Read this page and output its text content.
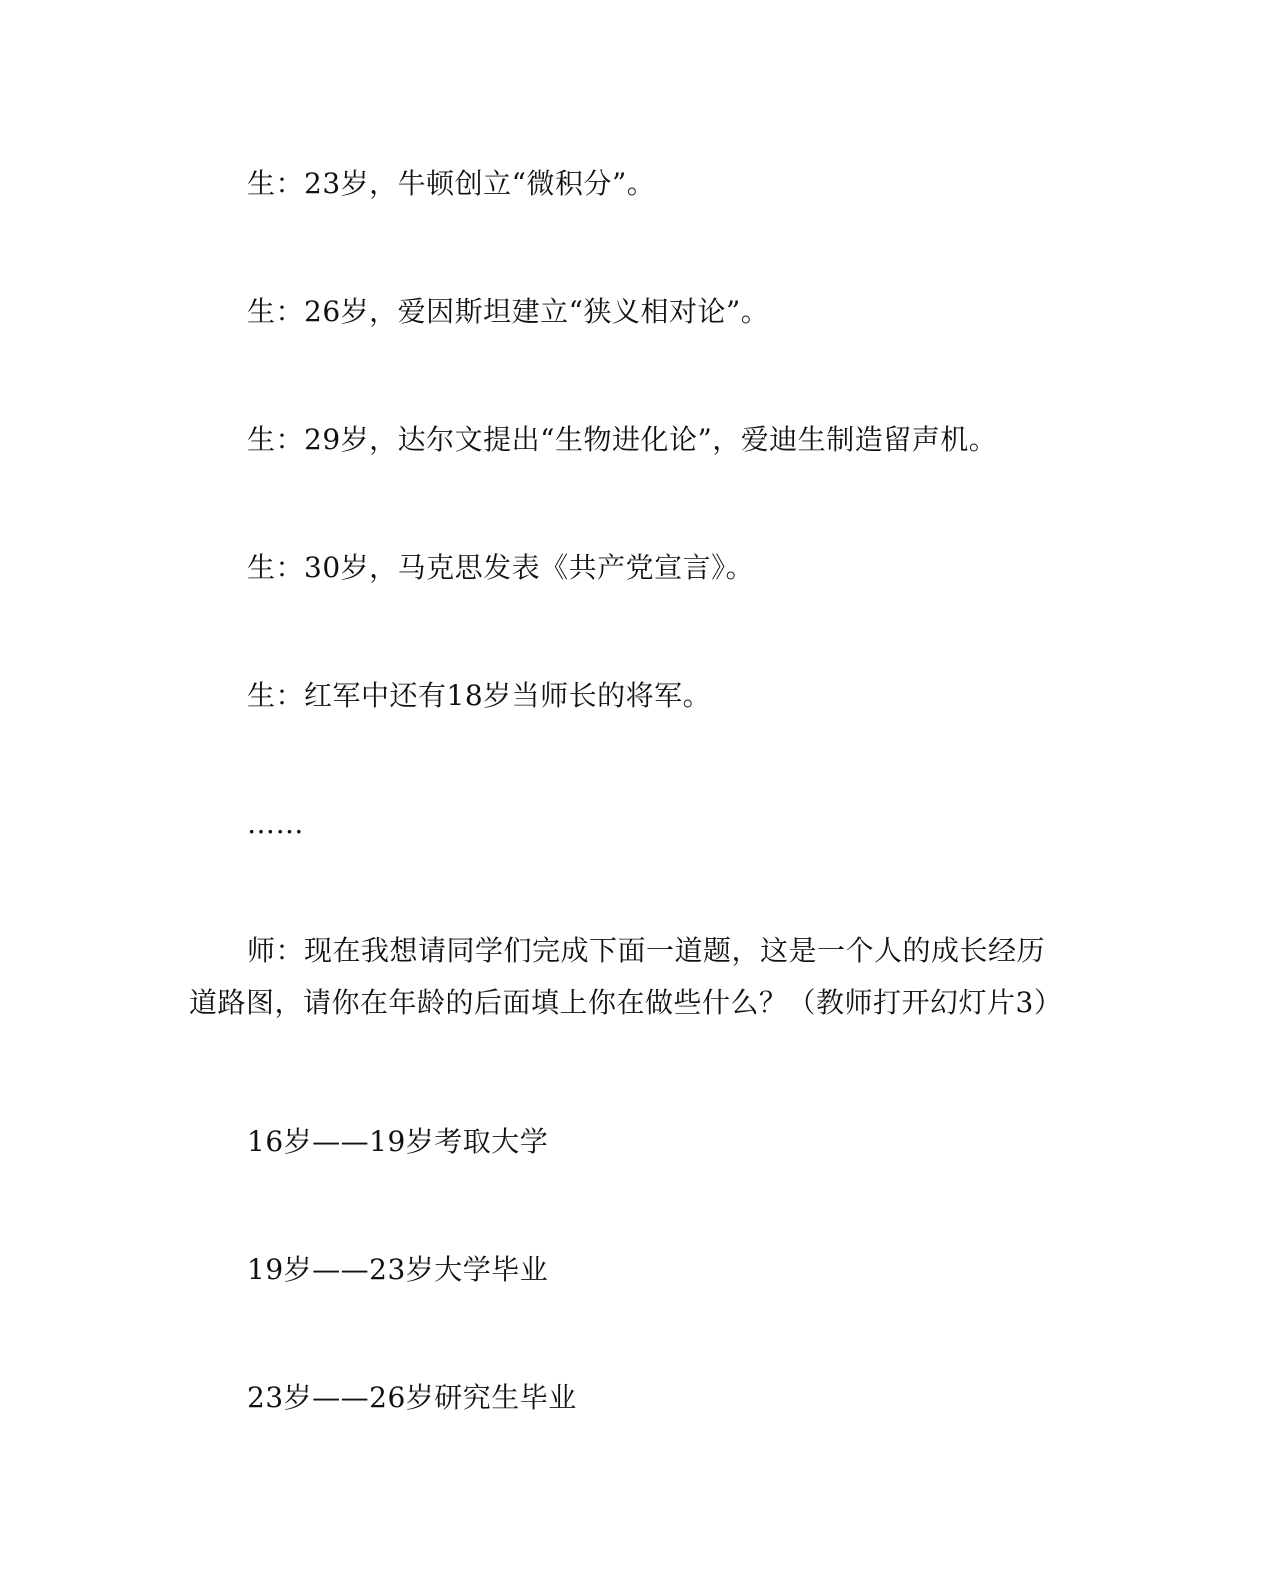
生：23岁，牛顿创立“微积分”。
生：26岁，爱因斯坦建立“狭义相对论”。
生：29岁，达尔文提出“生物进化论”，爱迪生制造留声机。
生：30岁，马克思发表《共产党宣言》。
生：红军中还有18岁当师长的将军。
……
师：现在我想请同学们完成下面一道题，这是一个人的成长经历
道路图，请你在年龄的后面填上你在做些什么？（教师打开幻灯片3）
16岁——19岁考取大学
19岁——23岁大学毕业
23岁——26岁研究生毕业
